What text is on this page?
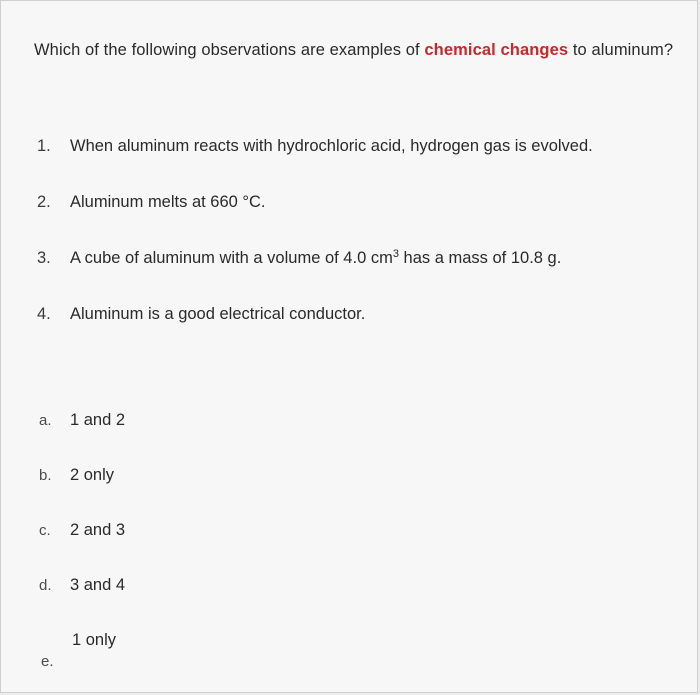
Which of the following observations are examples of chemical changes to aluminum?
1. When aluminum reacts with hydrochloric acid, hydrogen gas is evolved.
2. Aluminum melts at 660 °C.
3. A cube of aluminum with a volume of 4.0 $cm^3$ has a mass of 10.8 g.
4. Aluminum is a good electrical conductor.
a. 1 and 2
b. 2 only
c. 2 and 3
d. 3 and 4
e.
1 only
